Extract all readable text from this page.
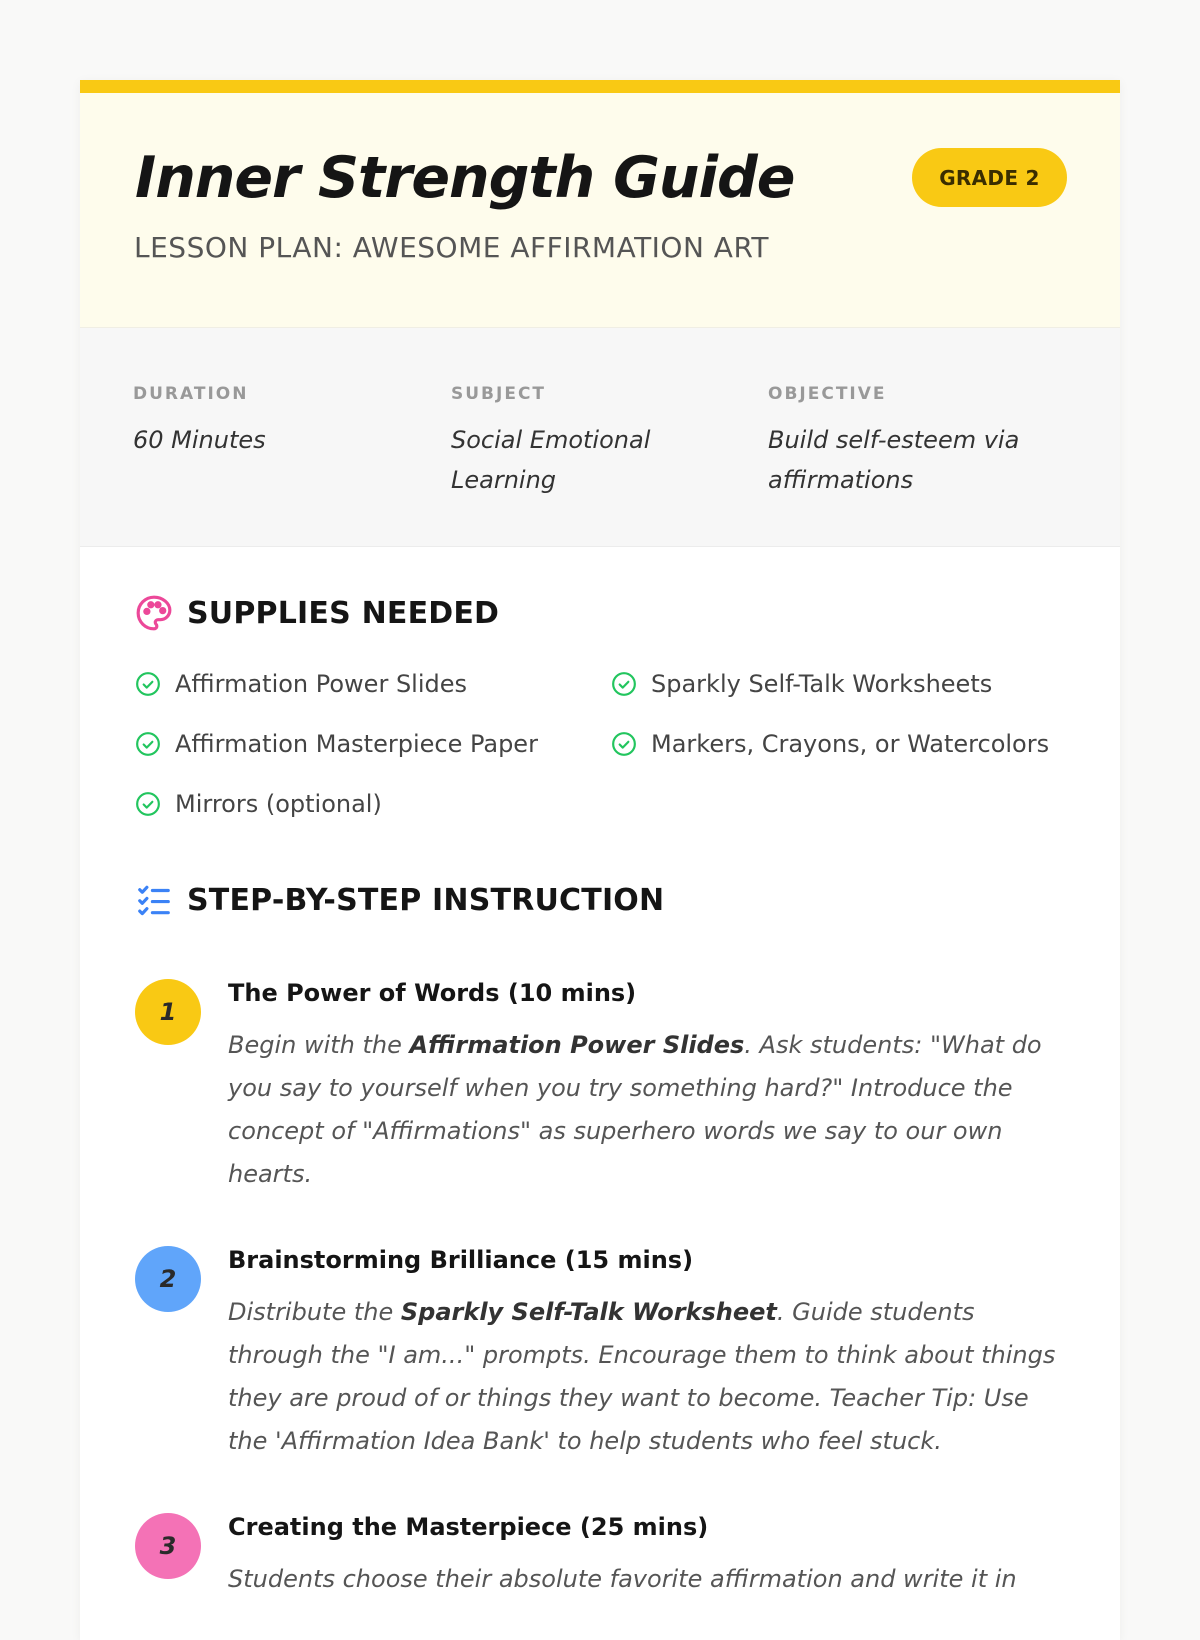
Inner Strength Guide
LESSON PLAN: AWESOME AFFIRMATION ART
GRADE 2
DURATION
60 Minutes
SUBJECT
Social Emotional Learning
OBJECTIVE
Build self-esteem via affirmations
SUPPLIES NEEDED
Affirmation Power Slides	Sparkly Self-Talk Worksheets
Affirmation Masterpiece Paper	Markers, Crayons, or Watercolors
Mirrors (optional)
STEP-BY-STEP INSTRUCTION
1
The Power of Words (10 mins)
Begin with the Affirmation Power Slides. Ask students: "What do you say to yourself when you try something hard?" Introduce the concept of "Affirmations" as superhero words we say to our own hearts.
2
Brainstorming Brilliance (15 mins)
Distribute the Sparkly Self-Talk Worksheet. Guide students through the "I am..." prompts. Encourage them to think about things they are proud of or things they want to become. Teacher Tip: Use the 'Affirmation Idea Bank' to help students who feel stuck.
3
Creating the Masterpiece (25 mins)
Students choose their absolute favorite affirmation and write it in
